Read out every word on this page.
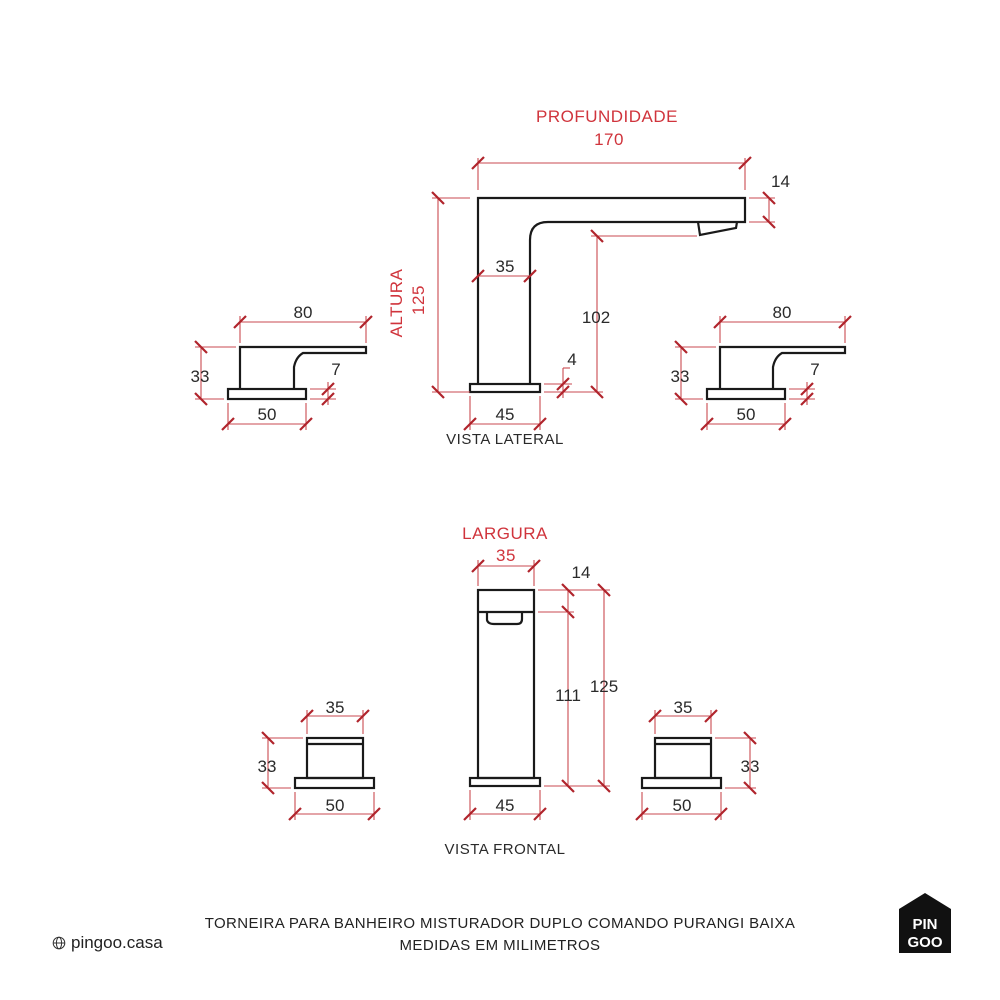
PROFUNDIDADE
170
ALTURA 125
14
35
102
4
45
VISTA LATERAL
80
33	7
50
80
33	7
50
LARGURA
35
14
111 125
45
VISTA FRONTAL
35
33
50
35
33
50
TORNEIRA PARA BANHEIRO MISTURADOR DUPLO COMANDO PURANGI BAIXA
MEDIDAS EM MILIMETROS
pingoo.casa
PIN
GOO
